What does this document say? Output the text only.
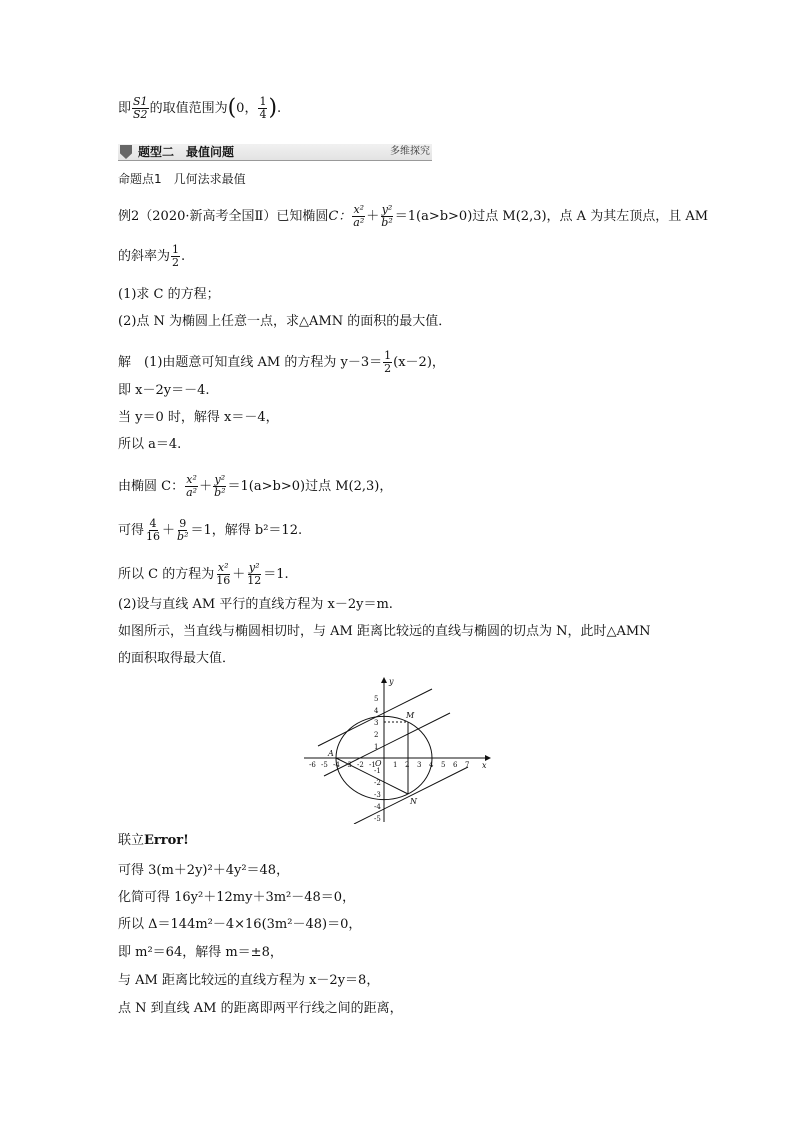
即 $\frac{S1}{S2}$ 的取值范围为(0， $\frac{1}{4}$ ).
题型二　最值问题	多维探究
命题点1　几何法求最值
例2（2020·新高考全国Ⅱ）已知椭圆C： $\frac{\text{x²}}{\text{a²}} + \frac{\text{y²}}{\text{b²}} =1(a>b>0)$过点 M(2,3)，点 A 为其左顶点，且 AM
的斜率为 $\frac{1}{2}$ .
(1)求 C 的方程；
(2)点 N 为椭圆上任意一点，求△AMN 的面积的最大值．
解　(1)由题意可知直线 AM 的方程为 $y-3= \frac{1}{2} (x-2)$，
即 x－2y＝－4.
当 y＝0 时，解得 x＝－4，
所以 a＝4.
由椭圆 C： $\frac{\text{x²}}{\text{a²}} + \frac{\text{y²}}{\text{b²}} =1(a>b>0)$过点 M(2,3)，
可得 $\frac{4}{16} + \frac{9}{\text{b²}} =1$，解得 b²＝12.
所以 C 的方程为 $\frac{\text{x²}}{16} + \frac{\text{y²}}{12} =1$.
(2)设与直线 AM 平行的直线方程为 x－2y＝m.
如图所示，当直线与椭圆相切时，与 AM 距离比较远的直线与椭圆的切点为 N，此时△AMN
的面积取得最大值．
x
y
A
M
N
O
-6 -5 -4 -3 -2 -1 1 2 3 4 5 6 7
5
4
3
2
1
-1
-2
-3
-4
-5
联立Error!
可得 3(m＋2y)²＋4y²＝48，
化简可得 16y²＋12my＋3m²－48＝0，
所以 Δ＝144m²－4×16(3m²－48)＝0，
即 m²＝64，解得 m＝±8，
与 AM 距离比较远的直线方程为 x－2y＝8，
点 N 到直线 AM 的距离即两平行线之间的距离，
